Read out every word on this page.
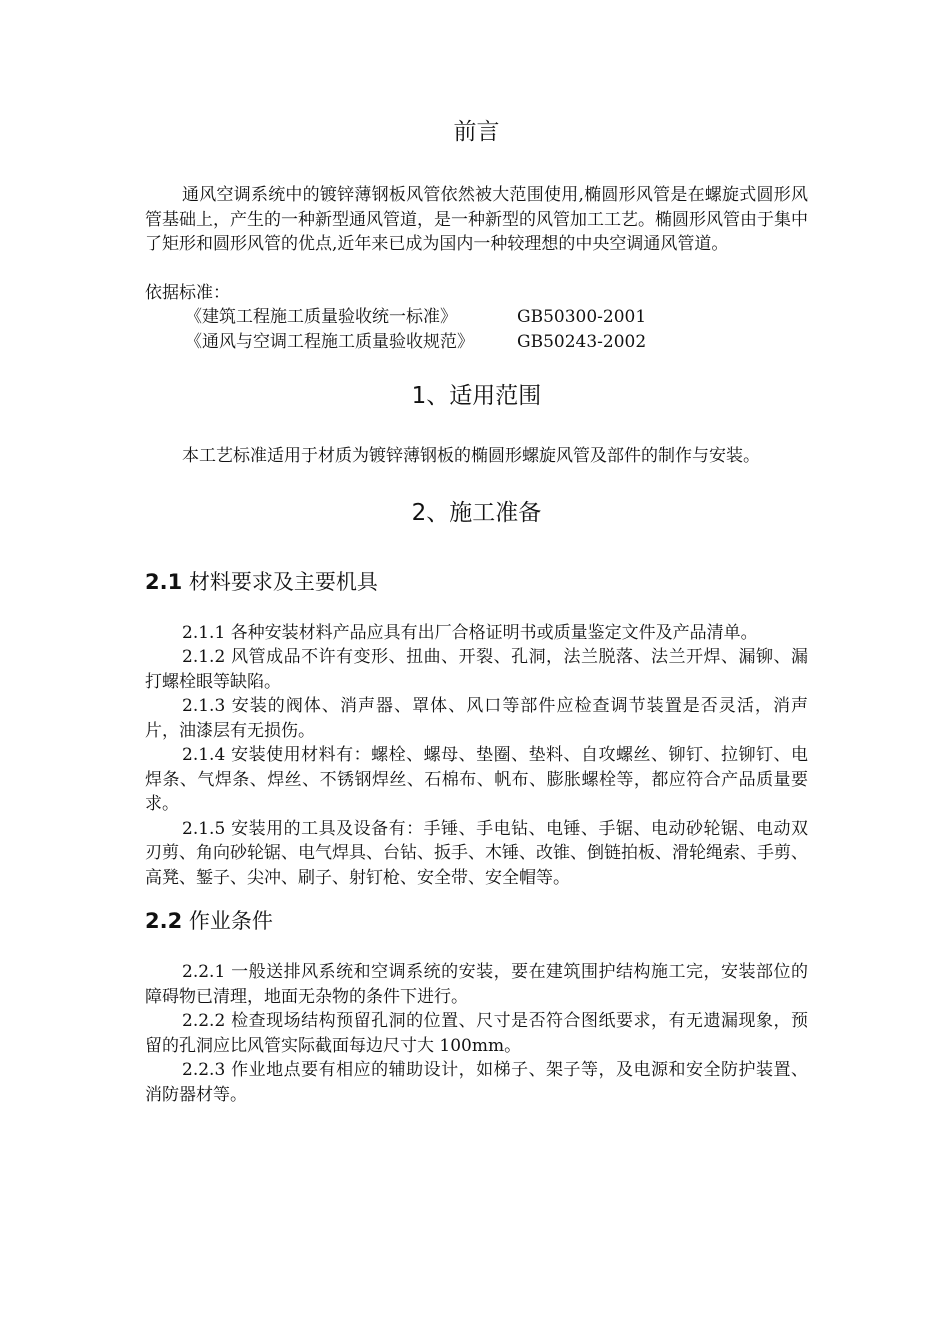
前言

通风空调系统中的镀锌薄钢板风管依然被大范围使用,椭圆形风管是在螺旋式圆形风管基础上，产生的一种新型通风管道，是一种新型的风管加工工艺。椭圆形风管由于集中了矩形和圆形风管的优点,近年来已成为国内一种较理想的中央空调通风管道。

依据标准：

《建筑工程施工质量验收统一标准》	GB50300-2001
《通风与空调工程施工质量验收规范》	GB50243-2002
1、适用范围

本工艺标准适用于材质为镀锌薄钢板的椭圆形螺旋风管及部件的制作与安装。

2、施工准备
2.1 材料要求及主要机具

2.1.1 各种安装材料产品应具有出厂合格证明书或质量鉴定文件及产品清单。

2.1.2 风管成品不许有变形、扭曲、开裂、孔洞，法兰脱落、法兰开焊、漏铆、漏打螺栓眼等缺陷。

2.1.3 安装的阀体、消声器、罩体、风口等部件应检查调节装置是否灵活，消声片，油漆层有无损伤。

2.1.4 安装使用材料有：螺栓、螺母、垫圈、垫料、自攻螺丝、铆钉、拉铆钉、电焊条、气焊条、焊丝、不锈钢焊丝、石棉布、帆布、膨胀螺栓等，都应符合产品质量要求。

2.1.5 安装用的工具及设备有：手锤、手电钻、电锤、手锯、电动砂轮锯、电动双刃剪、角向砂轮锯、电气焊具、台钻、扳手、木锤、改锥、倒链拍板、滑轮绳索、手剪、高凳、錾子、尖冲、刷子、射钉枪、安全带、安全帽等。

2.2 作业条件

2.2.1 一般送排风系统和空调系统的安装，要在建筑围护结构施工完，安装部位的障碍物已清理，地面无杂物的条件下进行。

2.2.2 检查现场结构预留孔洞的位置、尺寸是否符合图纸要求，有无遗漏现象，预留的孔洞应比风管实际截面每边尺寸大 100mm。

2.2.3 作业地点要有相应的辅助设计，如梯子、架子等，及电源和安全防护装置、消防器材等。
